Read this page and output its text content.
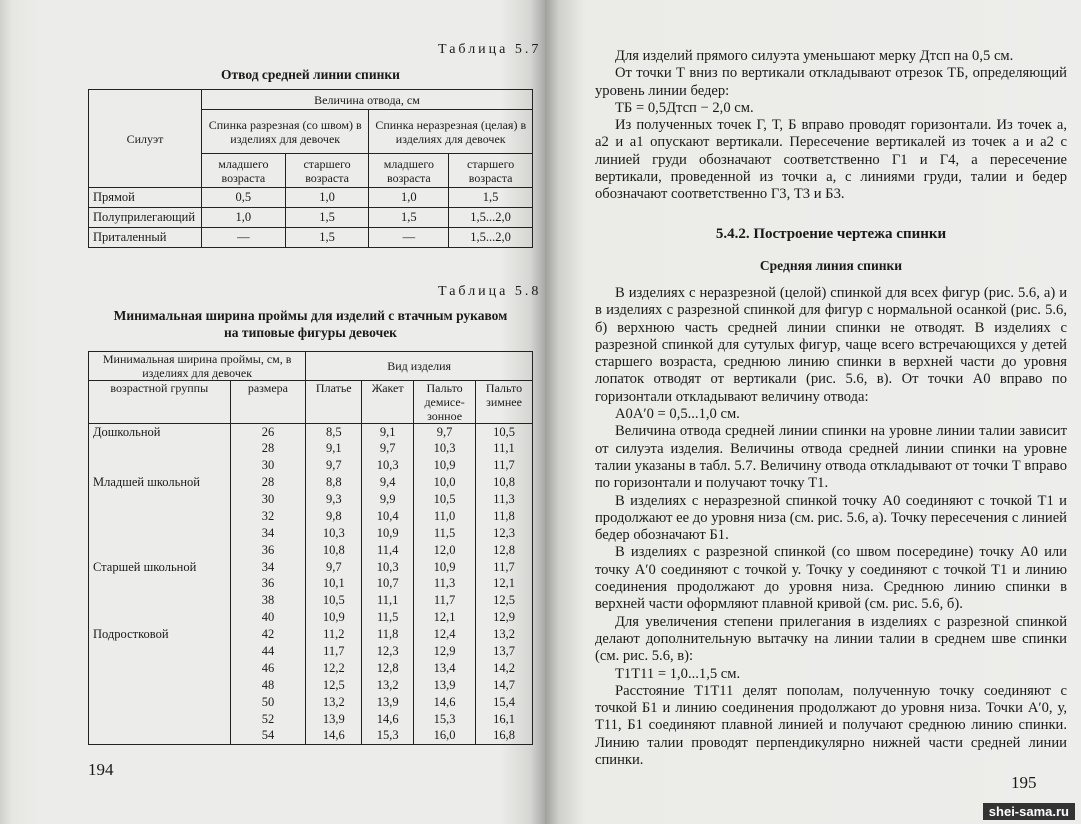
Таблица 5.7
Отвод средней линии спинки
Силуэт	Величина отвода, см			
	Спинка разрезная (со швом) в изделиях для девочек		Спинка неразрезная (целая) в изделиях для девочек	
	младшего возраста	старшего возраста	младшего возраста	старшего возраста
Прямой	0,5	1,0	1,0	1,5
Полуприлегающий	1,0	1,5	1,5	1,5...2,0
Приталенный	—	1,5	—	1,5...2,0
Таблица 5.8
Минимальная ширина проймы для изделий с втачным рукавом
на типовые фигуры девочек
Минимальная ширина проймы, см, в изделиях для девочек		Вид изделия			
возрастной группы	размера	Платье	Жакет	Пальто демисе-зонное	Пальто зимнее
Дошкольной	26	8,5	9,1	9,7	10,5
	28	9,1	9,7	10,3	11,1
	30	9,7	10,3	10,9	11,7
Младшей школьной	28	8,8	9,4	10,0	10,8
	30	9,3	9,9	10,5	11,3
	32	9,8	10,4	11,0	11,8
	34	10,3	10,9	11,5	12,3
	36	10,8	11,4	12,0	12,8
Старшей школьной	34	9,7	10,3	10,9	11,7
	36	10,1	10,7	11,3	12,1
	38	10,5	11,1	11,7	12,5
	40	10,9	11,5	12,1	12,9
Подростковой	42	11,2	11,8	12,4	13,2
	44	11,7	12,3	12,9	13,7
	46	12,2	12,8	13,4	14,2
	48	12,5	13,2	13,9	14,7
	50	13,2	13,9	14,6	15,4
	52	13,9	14,6	15,3	16,1
	54	14,6	15,3	16,0	16,8
194

Для изделий прямого силуэта уменьшают мерку Дтсп на 0,5 см.

От точки Т вниз по вертикали откладывают отрезок ТБ, определяющий уровень линии бедер:

ТБ = 0,5Дтсп − 2,0 см.

Из полученных точек Г, Т, Б вправо проводят горизонтали. Из точек а, а2 и а1 опускают вертикали. Пересечение вертикалей из точек а и а2 с линией груди обозначают соответственно Г1 и Г4, а пересечение вертикали, проведенной из точки а, с линиями груди, талии и бедер обозначают соответственно Г3, Т3 и Б3.

5.4.2. Построение чертежа спинки
Средняя линия спинки

В изделиях с неразрезной (целой) спинкой для всех фигур (рис. 5.6, а) и в изделиях с разрезной спинкой для фигур с нормальной осанкой (рис. 5.6, б) верхнюю часть средней линии спинки не отводят. В изделиях с разрезной спинкой для сутулых фигур, чаще всего встречающихся у детей старшего возраста, среднюю линию спинки в верхней части до уровня лопаток отводят от вертикали (рис. 5.6, в). От точки А0 вправо по горизонтали откладывают величину отвода:

А0А′0 = 0,5...1,0 см.

Величина отвода средней линии спинки на уровне линии талии зависит от силуэта изделия. Величины отвода средней линии спинки на уровне талии указаны в табл. 5.7. Величину отвода откладывают от точки Т вправо по горизонтали и получают точку Т1.

В изделиях с неразрезной спинкой точку А0 соединяют с точкой Т1 и продолжают ее до уровня низа (см. рис. 5.6, а). Точку пересечения с линией бедер обозначают Б1.

В изделиях с разрезной спинкой (со швом посередине) точку А0 или точку А′0 соединяют с точкой у. Точку у соединяют с точкой Т1 и линию соединения продолжают до уровня низа. Среднюю линию спинки в верхней части оформляют плавной кривой (см. рис. 5.6, б).

Для увеличения степени прилегания в изделиях с разрезной спинкой делают дополнительную вытачку на линии талии в среднем шве спинки (см. рис. 5.6, в):

Т1Т11 = 1,0...1,5 см.

Расстояние Т1Т11 делят пополам, полученную точку соединяют с точкой Б1 и линию соединения продолжают до уровня низа. Точки А′0, у, Т11, Б1 соединяют плавной линией и получают среднюю линию спинки. Линию талии проводят перпендикулярно нижней части средней линии спинки.

195
shei-sama.ru
